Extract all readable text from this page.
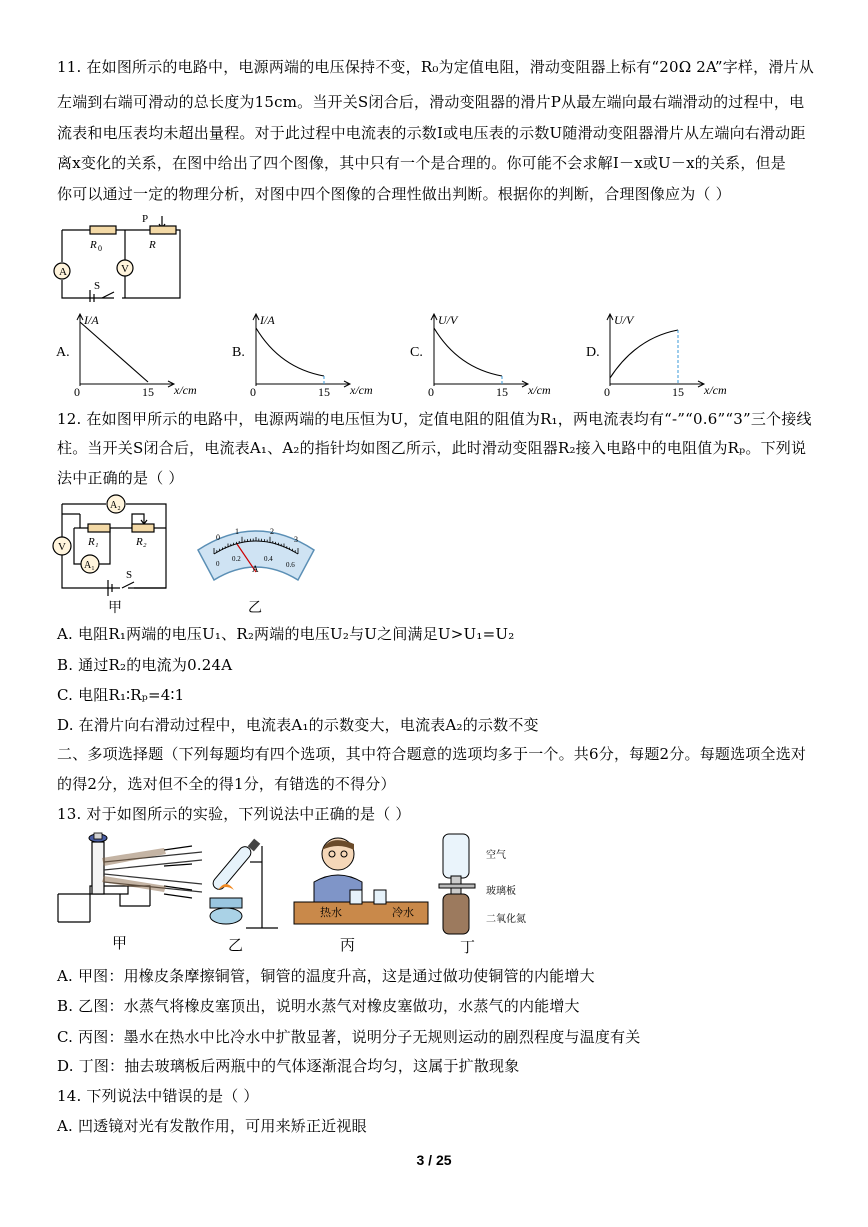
11. 在如图所示的电路中，电源两端的电压保持不变，R₀为定值电阻，滑动变阻器上标有“20Ω 2A”字样，滑片从
左端到右端可滑动的总长度为15cm。当开关S闭合后，滑动变阻器的滑片P从最左端向最右端滑动的过程中，电
流表和电压表均未超出量程。对于此过程中电流表的示数I或电压表的示数U随滑动变阻器滑片从左端向右滑动距
离x变化的关系，在图中给出了四个图像，其中只有一个是合理的。你可能不会求解I－x或U－x的关系，但是
你可以通过一定的物理分析，对图中四个图像的合理性做出判断。根据你的判断，合理图像应为（ ）
A	V
P
R 0	R
S
A.
I/A
x/cm
0	15
B.
I/A
x/cm
0	15
C.
U/V
x/cm
0	15
D.
U/V
x/cm
0	15
12. 在如图甲所示的电路中，电源两端的电压恒为U，定值电阻的阻值为R₁，两电流表均有“-”“0.6”“3”三个接线
柱。当开关S闭合后，电流表A₁、A₂的指针均如图乙所示，此时滑动变阻器R₂接入电路中的电阻值为Rₚ。下列说
法中正确的是（ ）
A₂
A₁
V R₁	R₂
S
甲
0
1	2
3
0
0.2	0.4
0.6
A
乙
A. 电阻R₁两端的电压U₁、R₂两端的电压U₂与U之间满足U>U₁=U₂
B. 通过R₂的电流为0.24A
C. 电阻R₁∶Rₚ=4∶1
D. 在滑片向右滑动过程中，电流表A₁的示数变大，电流表A₂的示数不变
二、多项选择题（下列每题均有四个选项，其中符合题意的选项均多于一个。共6分，每题2分。每题选项全选对
的得2分，选对但不全的得1分，有错选的不得分）
13. 对于如图所示的实验，下列说法中正确的是（ ）
甲	乙
热水	冷水
丙
空气
玻璃板
二氧化氮
丁
A. 甲图：用橡皮条摩擦铜管，铜管的温度升高，这是通过做功使铜管的内能增大
B. 乙图：水蒸气将橡皮塞顶出，说明水蒸气对橡皮塞做功，水蒸气的内能增大
C. 丙图：墨水在热水中比冷水中扩散显著，说明分子无规则运动的剧烈程度与温度有关
D. 丁图：抽去玻璃板后两瓶中的气体逐渐混合均匀，这属于扩散现象
14. 下列说法中错误的是（ ）
A. 凹透镜对光有发散作用，可用来矫正近视眼
3 / 25
